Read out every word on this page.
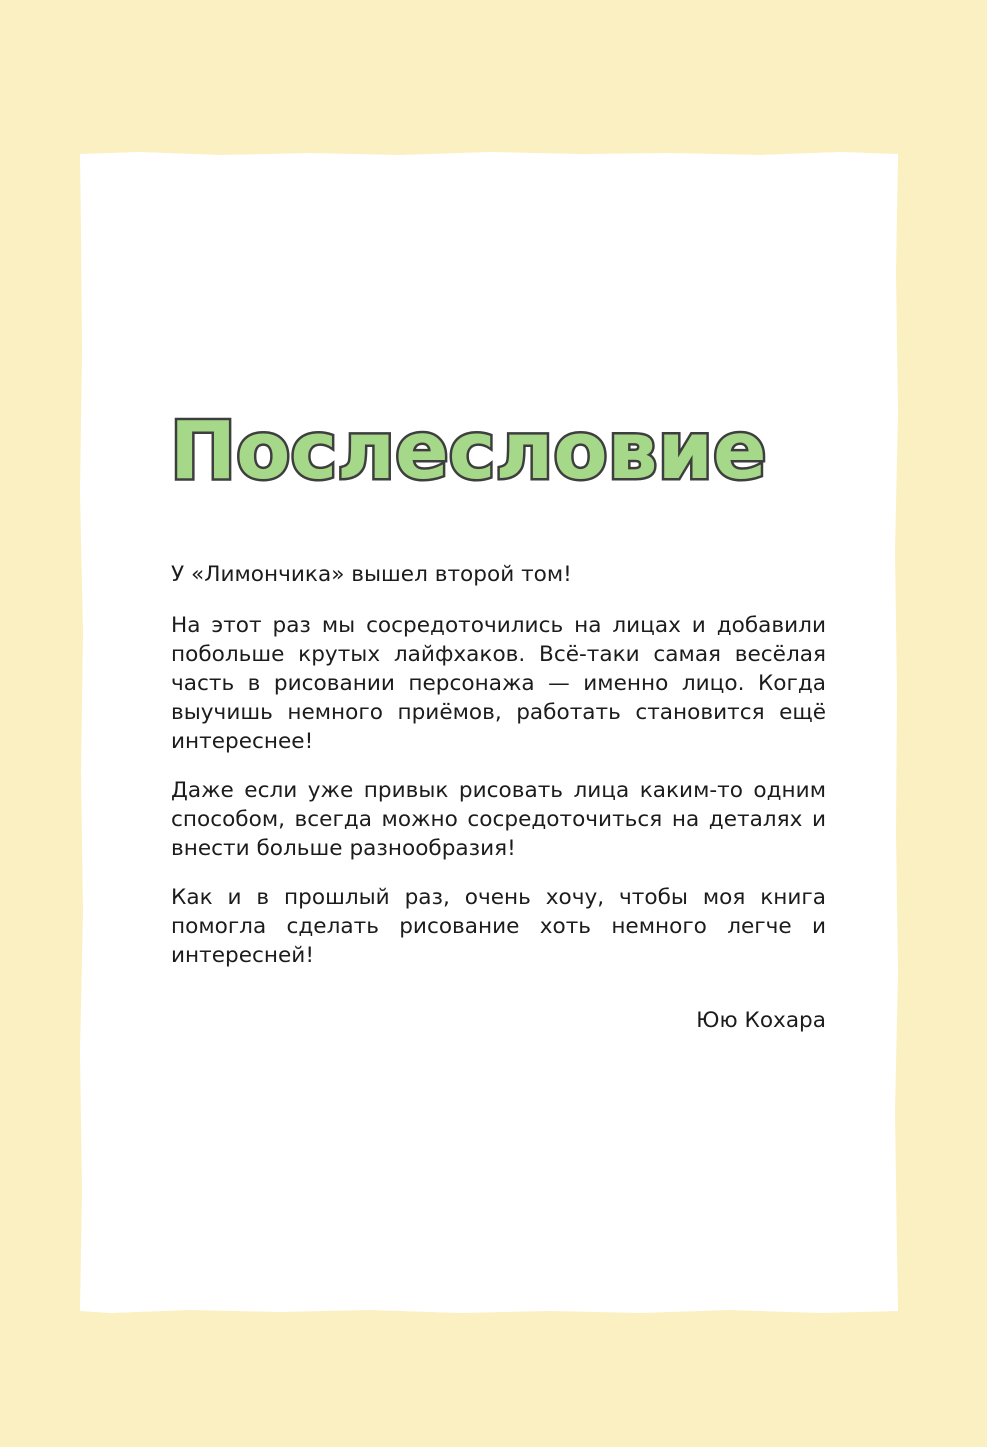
Послесловие

У «Лимончика» вышел второй том!

На этот раз мы сосредоточились на лицах и добавили побольше крутых лайфхаков. Всё-таки самая весёлая часть в рисовании персонажа — именно лицо. Когда выучишь немного приёмов, работать становится ещё интереснее!

Даже если уже привык рисовать лица каким-то одним способом, всегда можно сосредоточиться на деталях и внести больше разнообразия!

Как и в прошлый раз, очень хочу, чтобы моя книга помогла сделать рисование хоть немного легче и интересней!

Юю Кохара
